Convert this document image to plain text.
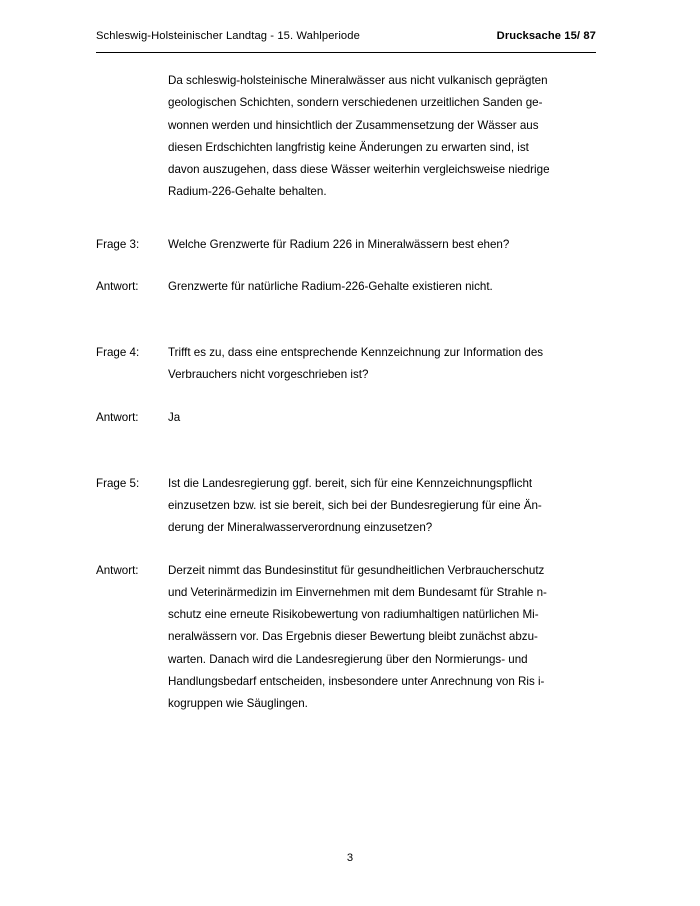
Schleswig-Holsteinischer Landtag - 15. Wahlperiode	Drucksache 15/ 87

Da schleswig-holsteinische Mineralwässer aus nicht vulkanisch geprägten

geologischen Schichten, sondern verschiedenen urzeitlichen Sanden ge-

wonnen werden und hinsichtlich der Zusammensetzung der Wässer aus

diesen Erdschichten langfristig keine Änderungen zu erwarten sind, ist

davon auszugehen, dass diese Wässer weiterhin vergleichsweise niedrige

Radium-226-Gehalte behalten.

Frage 3:	Welche Grenzwerte für Radium 226 in Mineralwässern best ehen?

Antwort:	Grenzwerte für natürliche Radium-226-Gehalte existieren nicht.

Frage 4:	Trifft es zu, dass eine entsprechende Kennzeichnung zur Information des

Verbrauchers nicht vorgeschrieben ist?

Antwort:	Ja

Frage 5:	Ist die Landesregierung ggf. bereit, sich für eine Kennzeichnungspflicht

einzusetzen bzw. ist sie bereit, sich bei der Bundesregierung für eine Än-

derung der Mineralwasserverordnung einzusetzen?

Antwort:	Derzeit nimmt das Bundesinstitut für gesundheitlichen Verbraucherschutz

und Veterinärmedizin im Einvernehmen mit dem Bundesamt für Strahle n-

schutz eine erneute Risikobewertung von radiumhaltigen natürlichen Mi-

neralwässern vor. Das Ergebnis dieser Bewertung bleibt zunächst abzu-

warten. Danach wird die Landesregierung über den Normierungs- und

Handlungsbedarf entscheiden, insbesondere unter Anrechnung von Ris i-

kogruppen wie Säuglingen.

3
